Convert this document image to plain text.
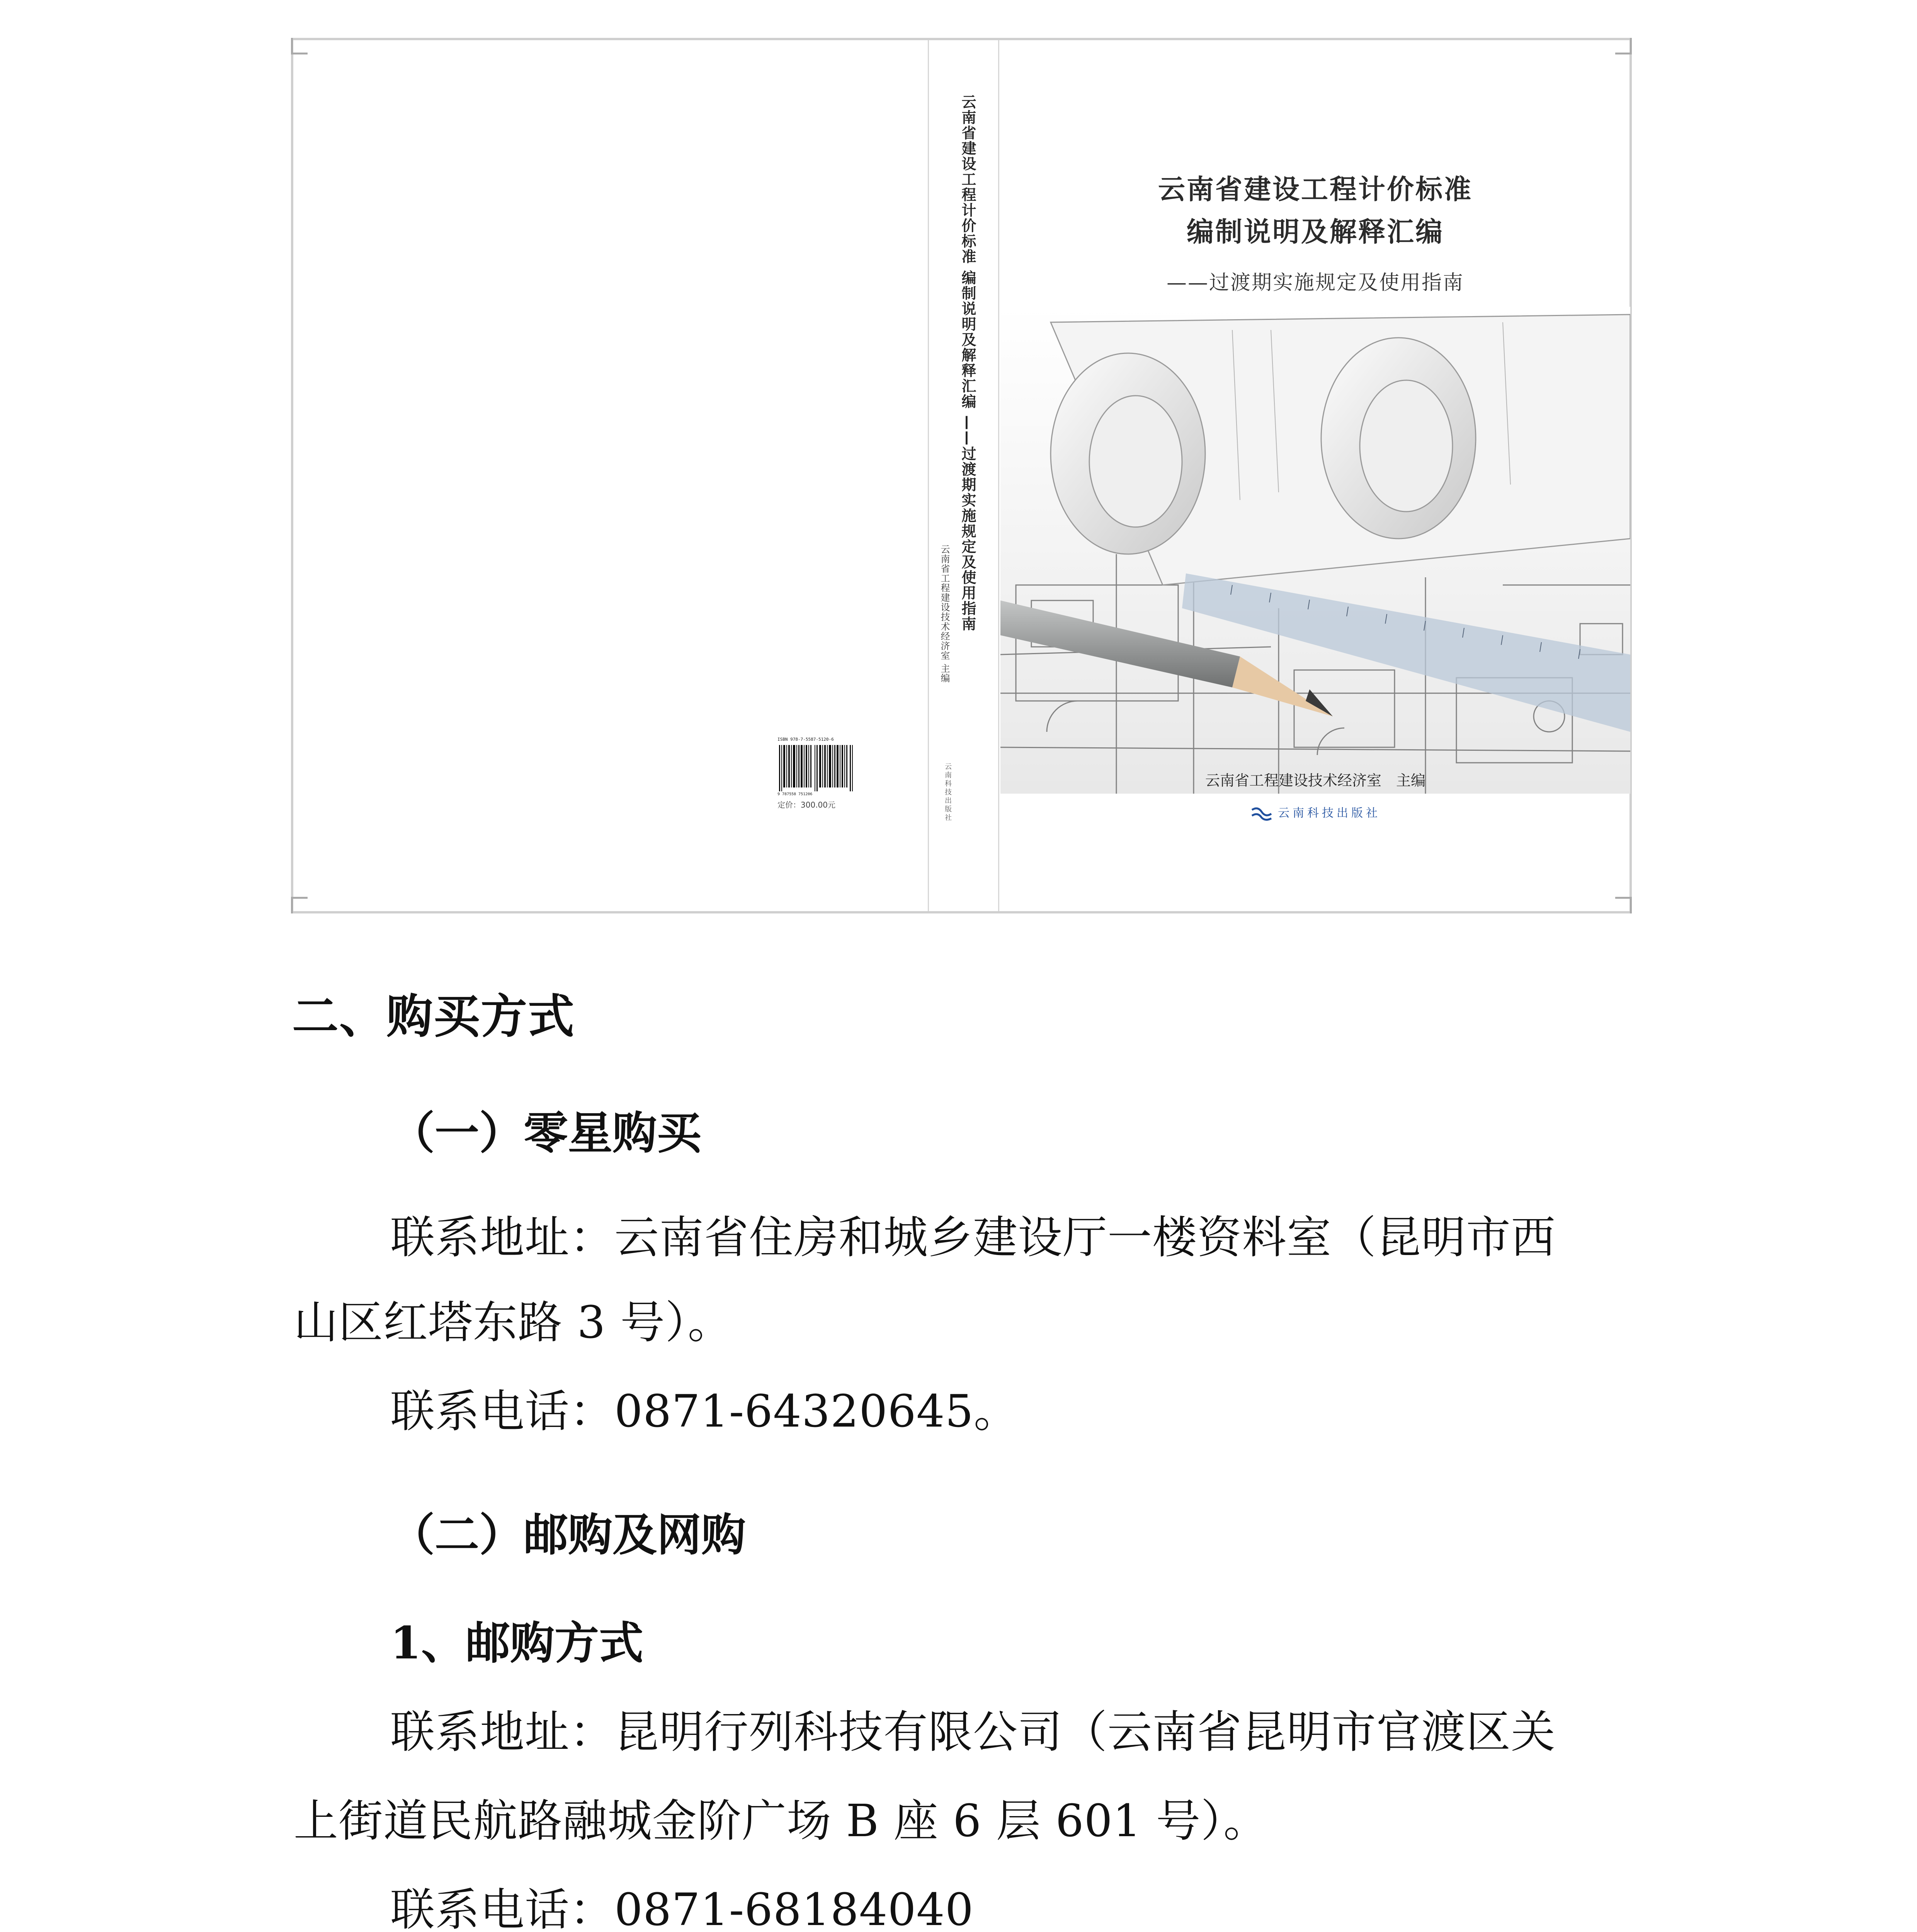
ISBN 978-7-5587-5120-6
9 787558 751206
定价：300.00元
云南省建设工程计价标准 编制说明及解释汇编 ——过渡期实施规定及使用指南
云南省工程建设技术经济室 主编
云南科技出版社
云南省建设工程计价标准
编制说明及解释汇编
——过渡期实施规定及使用指南
云南省工程建设技术经济室　主编
云南科技出版社
二、购买方式
（一）零星购买
联系地址：云南省住房和城乡建设厅一楼资料室（昆明市西
山区红塔东路 3 号）。
联系电话：0871-64320645。
（二）邮购及网购
1、邮购方式
联系地址：昆明行列科技有限公司（云南省昆明市官渡区关
上街道民航路融城金阶广场 B 座 6 层 601 号）。
联系电话：0871-68184040
